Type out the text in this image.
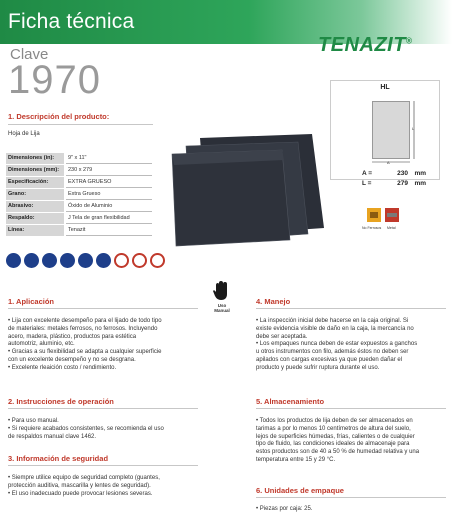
Ficha técnica
TENAZIT®
Clave
1970
1. Descripción del producto:
Hoja de Lija
Dimensiones (in):	9" x 11"
Dimensiones (mm):	230 x 279
Especificación:	EXTRA GRUESO
Grano:	Extra Grueso
Abrasivo:	Óxido de Aluminio
Respaldo:	J Tela de gran flexibilidad
Línea:	Tenazit
HL
A
L
A =	230 mm
L =	279 mm
No Ferrosos Metal
Uso
Manual
1. Aplicación

• Lija con excelente desempeño para el lijado de todo tipo

de materiales: metales ferrosos, no ferrosos. Incluyendo

acero, madera, plástico, productos para estética

automotriz, aluminio, etc.

• Gracias a su flexibilidad se adapta a cualquier superficie

con un excelente desempeño y no se desgrana.

• Excelente rleaición costo / rendimiento.

2. Instrucciones de operación

• Para uso manual.

• Si requiere acabados consistentes, se recomienda el uso

de respaldos manual clave 1462.

3. Información de seguridad

• Siempre utilice equipo de seguridad completo (guantes,

protección auditiva, mascarilla y lentes de seguridad).

• El uso inadecuado puede provocar lesiones severas.

4. Manejo

• La inspección inicial debe hacerse en la caja original. Si

existe evidencia visible de daño en la caja, la mercancía no

debe ser aceptada.

• Los empaques nunca deben de estar expuestos a ganchos

u otros instrumentos con filo, además éstos no deben ser

apilados con cargas excesivas ya que pueden dañar el

producto y puede sufrir ruptura durante el uso.

5. Almacenamiento

• Todos los productos de lija deben de ser almacenados en

tarimas a por lo menos 10 centímetros de altura del suelo,

lejos de superficies húmedas, frías, calientes o de cualquier

tipo de fluido, las condiciones ideales de almacenaje para

estos productos son de 40 a 50 % de humedad relativa y una

temperatura entre 15 y 29 °C.

6. Unidades de empaque

• Piezas por caja: 25.
